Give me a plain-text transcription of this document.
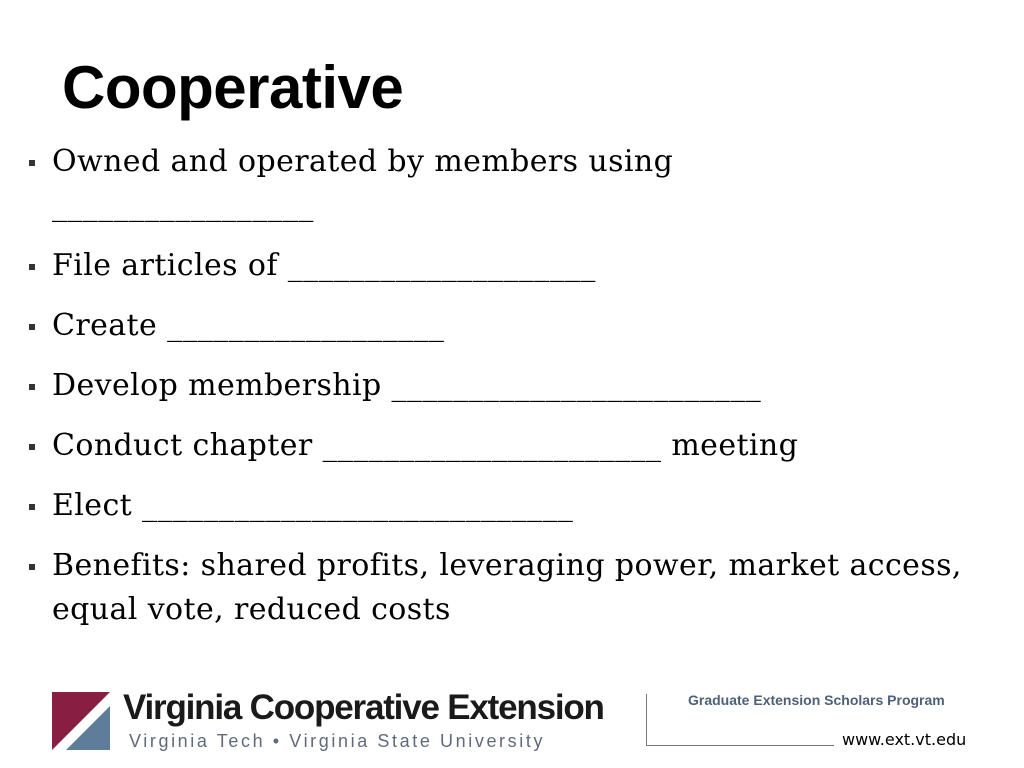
Cooperative
Owned and operated by members using
_________________
File articles of ____________________
Create __________________
Develop membership ________________________
Conduct chapter ______________________ meeting
Elect ____________________________
Benefits: shared profits, leveraging power, market access,
equal vote, reduced costs
Virginia Cooperative Extension
Virginia Tech • Virginia State University
Graduate Extension Scholars Program
www.ext.vt.edu
